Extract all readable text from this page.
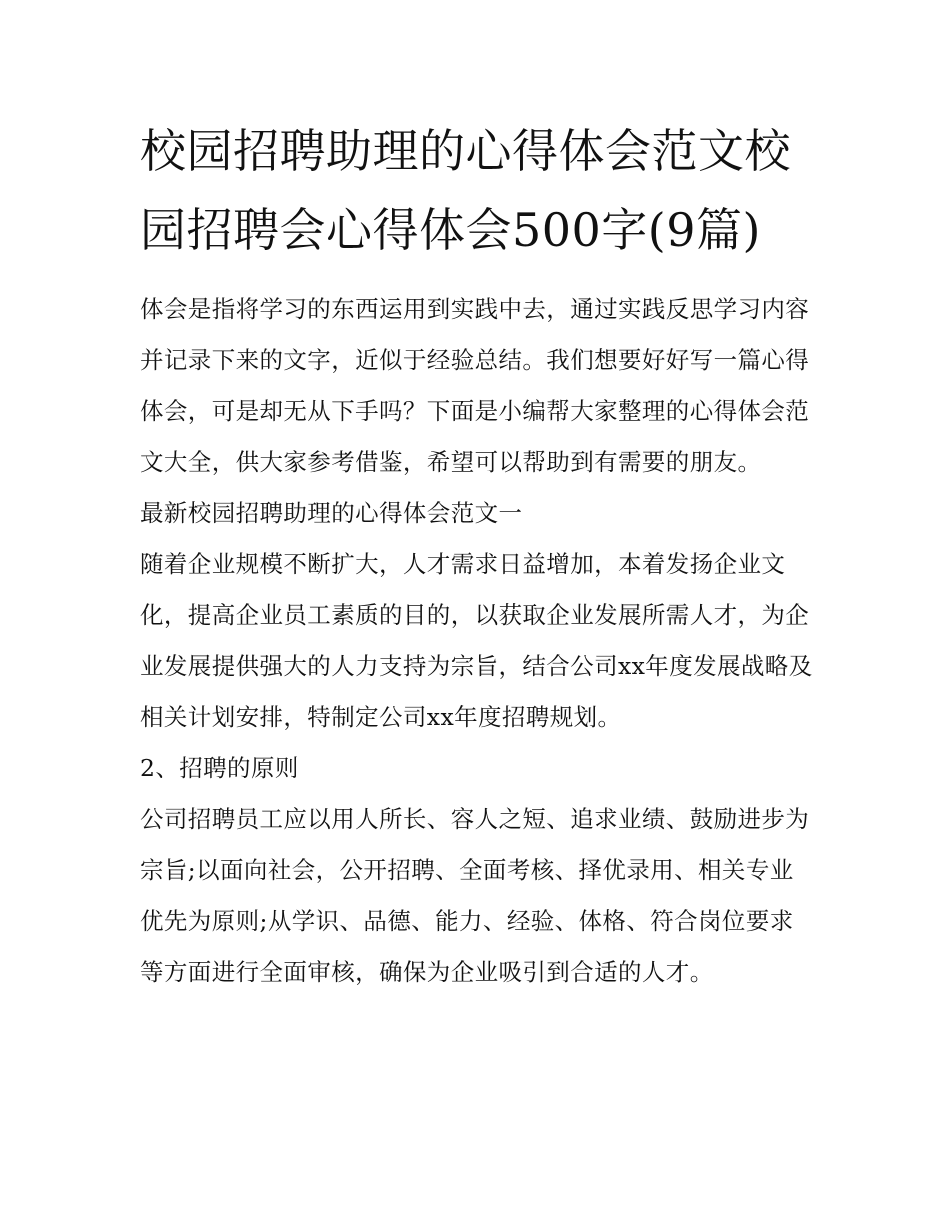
校园招聘助理的心得体会范文校园招聘会心得体会500字(9篇)

体会是指将学习的东西运用到实践中去，通过实践反思学习内容并记录下来的文字，近似于经验总结。我们想要好好写一篇心得体会，可是却无从下手吗？下面是小编帮大家整理的心得体会范文大全，供大家参考借鉴，希望可以帮助到有需要的朋友。

最新校园招聘助理的心得体会范文一

随着企业规模不断扩大，人才需求日益增加，本着发扬企业文化，提高企业员工素质的目的，以获取企业发展所需人才，为企业发展提供强大的人力支持为宗旨，结合公司xx年度发展战略及相关计划安排，特制定公司xx年度招聘规划。

2、招聘的原则

公司招聘员工应以用人所长、容人之短、追求业绩、鼓励进步为宗旨;以面向社会，公开招聘、全面考核、择优录用、相关专业优先为原则;从学识、品德、能力、经验、体格、符合岗位要求等方面进行全面审核，确保为企业吸引到合适的人才。
